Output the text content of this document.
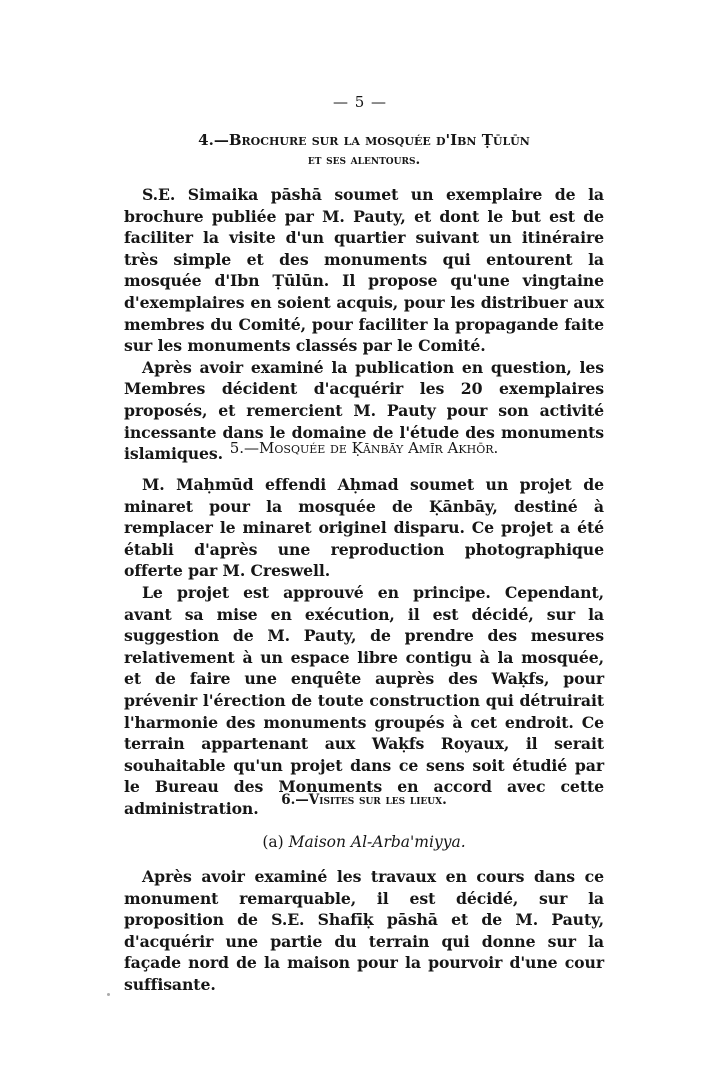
— 5 —
4.—Brochure sur la mosquée d'Ibn Ṭūlūn
et ses alentours.

S.E. Simaika pāshā soumet un exemplaire de la brochure publiée par M. Pauty, et dont le but est de faciliter la visite d'un quartier suivant un itinéraire très simple et des monuments qui entourent la mosquée d'Ibn Ṭūlūn. Il propose qu'une vingtaine d'exemplaires en soient acquis, pour les distribuer aux membres du Comité, pour faciliter la propagande faite sur les monuments classés par le Comité.

Après avoir examiné la publication en question, les Membres décident d'acquérir les 20 exemplaires proposés, et remercient M. Pauty pour son activité incessante dans le domaine de l'étude des monuments islamiques. 5.—Mosquée de Ḳānbāy Amīr Akhōr.

M. Maḥmūd effendi Aḥmad soumet un projet de minaret pour la mosquée de Ḳānbāy, destiné à remplacer le minaret originel disparu. Ce projet a été établi d'après une reproduction photographique offerte par M. Creswell.

Le projet est approuvé en principe. Cependant, avant sa mise en exécution, il est décidé, sur la suggestion de M. Pauty, de prendre des mesures relativement à un espace libre contigu à la mosquée, et de faire une enquête auprès des Waḳfs, pour prévenir l'érection de toute construction qui détruirait l'harmonie des monuments groupés à cet endroit. Ce terrain appartenant aux Waḳfs Royaux, il serait souhaitable qu'un projet dans ce sens soit étudié par le Bureau des Monuments en accord avec cette administration.	6.—Visites sur les lieux.
(a) Maison Al-Arba'miyya.

Après avoir examiné les travaux en cours dans ce monument remarquable, il est décidé, sur la proposition de S.E. Shafīḳ pāshā et de M. Pauty, d'acquérir une partie du terrain qui donne sur la façade nord de la maison pour la pourvoir d'une cour suffisante.
